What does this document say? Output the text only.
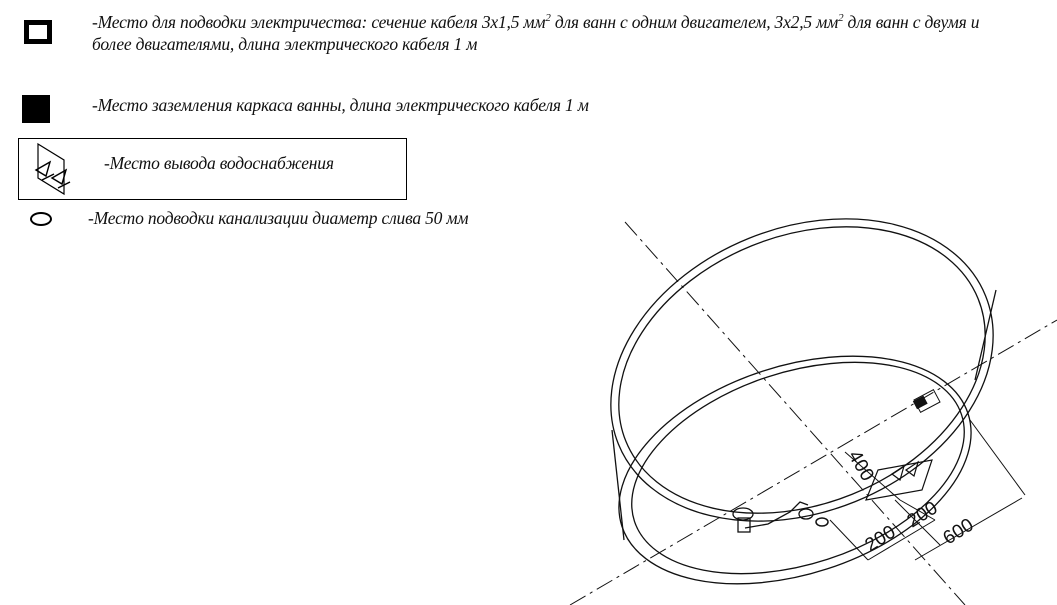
-Место для подводки электричества: сечение кабеля 3х1,5 $мм^2$ для ванн с одним двигателем, 3х2,5 $мм^2$ для ванн с двумя и
более двигателями, длина электрического кабеля 1 м
-Место заземления каркаса ванны, длина электрического кабеля 1 м
-Место вывода водоснабжения
-Место подводки канализации диаметр слива 50 мм
400
200
200
600
